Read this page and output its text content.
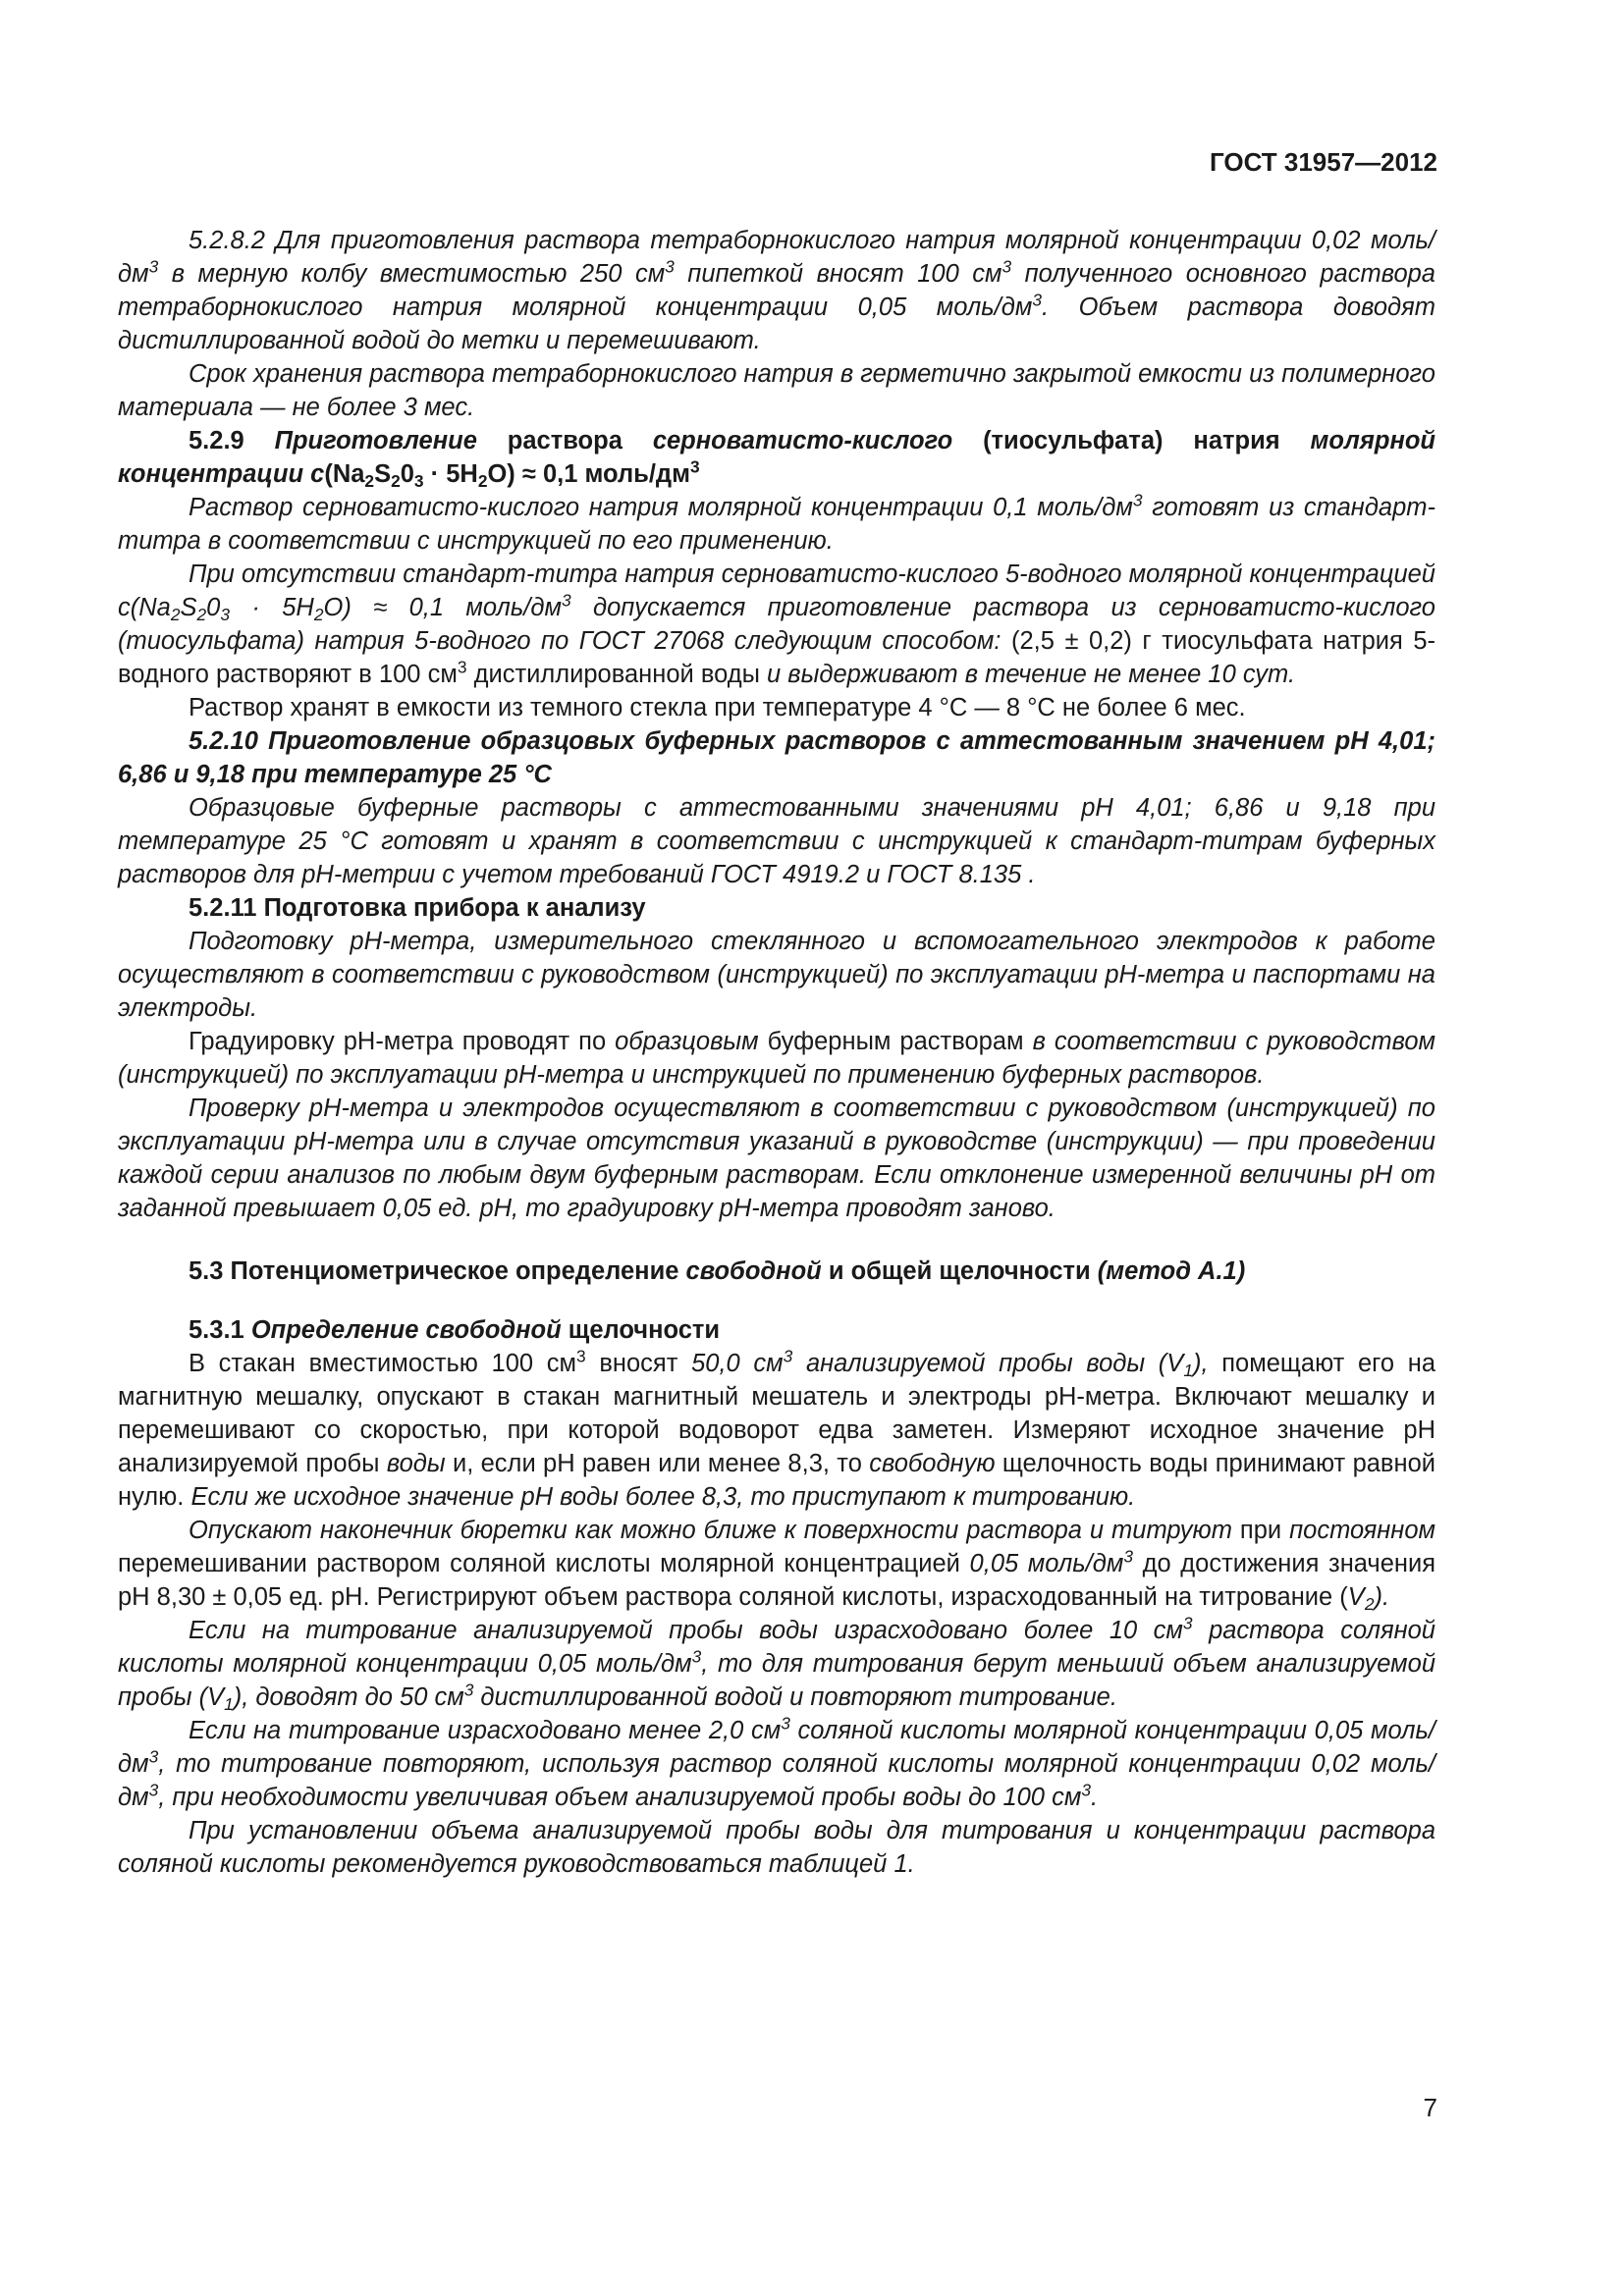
ГОСТ 31957—2012

5.2.8.2 Для приготовления раствора тетраборнокислого натрия молярной концентрации 0,02 моль/$дм^3$ в мерную колбу вместимостью 250 $см^3$ пипеткой вносят 100 $см^3$ полученного основного раствора тетраборнокислого натрия молярной концентрации 0,05 моль/$дм^3$. Объем раствора доводят дистиллированной водой до метки и перемешивают.

Срок хранения раствора тетраборнокислого натрия в герметично закрытой емкости из полимерного материала — не более 3 мес.

5.2.9 Приготовление раствора серноватисто-кислого (тиосульфата) натрия молярной концентрации $с(Na_2S_20_3 \cdot 5H_2O) \approx 0,1$ моль/$дм^3$

Раствор серноватисто-кислого натрия молярной концентрации 0,1 моль/$дм^3$ готовят из стандарт-титра в соответствии с инструкцией по его применению.

При отсутствии стандарт-титра натрия серноватисто-кислого 5-водного молярной концентрацией $с(Na_2S_20_3 \cdot 5H_2O) \approx 0,1$ моль/$дм^3$ допускается приготовление раствора из серноватисто-кислого (тиосульфата) натрия 5-водного по ГОСТ 27068 следующим способом: (2,5 ± 0,2) г тиосульфата натрия 5-водного растворяют в 100 $см^3$ дистиллированной воды и выдерживают в течение не менее 10 сут.

Раствор хранят в емкости из темного стекла при температуре 4 °С — 8 °С не более 6 мес.

5.2.10 Приготовление образцовых буферных растворов с аттестованным значением pH 4,01; 6,86 и 9,18 при температуре 25 °С

Образцовые буферные растворы с аттестованными значениями pH 4,01; 6,86 и 9,18 при температуре 25 °С готовят и хранят в соответствии с инструкцией к стандарт-титрам буферных растворов для pH-метрии с учетом требований ГОСТ 4919.2 и ГОСТ 8.135 .

5.2.11 Подготовка прибора к анализу

Подготовку pH-метра, измерительного стеклянного и вспомогательного электродов к работе осуществляют в соответствии с руководством (инструкцией) по эксплуатации pH-метра и паспортами на электроды.

Градуировку pH-метра проводят по образцовым буферным растворам в соответствии с руководством (инструкцией) по эксплуатации pH-метра и инструкцией по применению буферных растворов.

Проверку pH-метра и электродов осуществляют в соответствии с руководством (инструкцией) по эксплуатации pH-метра или в случае отсутствия указаний в руководстве (инструкции) — при проведении каждой серии анализов по любым двум буферным растворам. Если отклонение измеренной величины pH от заданной превышает 0,05 ед. pH, то градуировку pH-метра проводят заново.

5.3 Потенциометрическое определение свободной и общей щелочности (метод А.1)

5.3.1 Определение свободной щелочности

В стакан вместимостью 100 $см^3$ вносят 50,0 $см^3$ анализируемой пробы воды $(V_1)$, помещают его на магнитную мешалку, опускают в стакан магнитный мешатель и электроды pH-метра. Включают мешалку и перемешивают со скоростью, при которой водоворот едва заметен. Измеряют исходное значение pH анализируемой пробы воды и, если pH равен или менее 8,3, то свободную щелочность воды принимают равной нулю. Если же исходное значение pH воды более 8,3, то приступают к титрованию.

Опускают наконечник бюретки как можно ближе к поверхности раствора и титруют при постоянном перемешивании раствором соляной кислоты молярной концентрацией 0,05 моль/$дм^3$ до достижения значения pH 8,30 ± 0,05 ед. pH. Регистрируют объем раствора соляной кислоты, израсходованный на титрование $(V_2)$.

Если на титрование анализируемой пробы воды израсходовано более 10 $см^3$ раствора соляной кислоты молярной концентрации 0,05 моль/$дм^3$, то для титрования берут меньший объем анализируемой пробы $(V_1)$, доводят до 50 $см^3$ дистиллированной водой и повторяют титрование.

Если на титрование израсходовано менее 2,0 $см^3$ соляной кислоты молярной концентрации 0,05 моль/$дм^3$, то титрование повторяют, используя раствор соляной кислоты молярной концентрации 0,02 моль/$дм^3$, при необходимости увеличивая объем анализируемой пробы воды до 100 $см^3$.

При установлении объема анализируемой пробы воды для титрования и концентрации раствора соляной кислоты рекомендуется руководствоваться таблицей 1.

7
